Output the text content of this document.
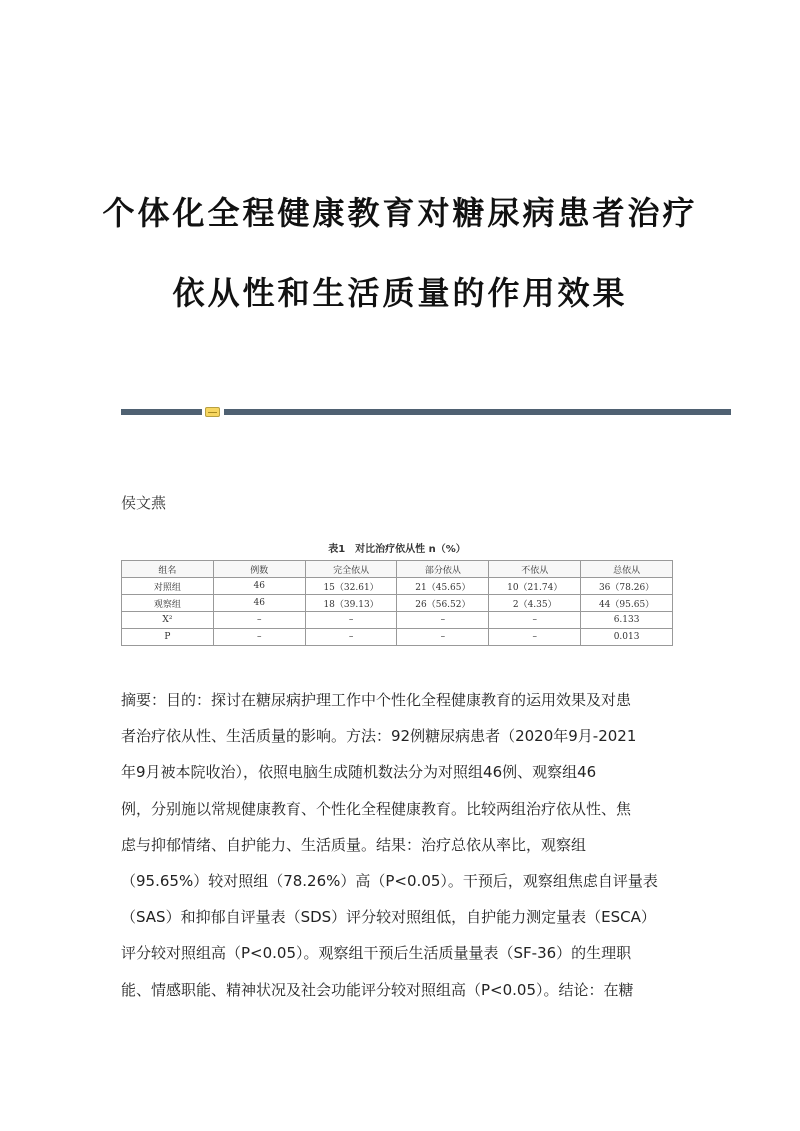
个体化全程健康教育对糖尿病患者治疗
依从性和生活质量的作用效果
侯文燕
表1　对比治疗依从性 n（%）
组名	例数	完全依从	部分依从	不依从	总依从
对照组	46	15（32.61）	21（45.65）	10（21.74）	36（78.26）
观察组	46	18（39.13）	26（56.52）	2（4.35）	44（95.65）
X²	–	–	–	–	6.133
P	–	–	–	–	0.013
摘要：目的：探讨在糖尿病护理工作中个性化全程健康教育的运用效果及对患
者治疗依从性、生活质量的影响。方法：92例糖尿病患者（2020年9月-2021
年9月被本院收治），依照电脑生成随机数法分为对照组46例、观察组46
例，分别施以常规健康教育、个性化全程健康教育。比较两组治疗依从性、焦
虑与抑郁情绪、自护能力、生活质量。结果：治疗总依从率比，观察组
（95.65%）较对照组（78.26%）高（P<0.05）。干预后，观察组焦虑自评量表
（SAS）和抑郁自评量表（SDS）评分较对照组低，自护能力测定量表（ESCA）
评分较对照组高（P<0.05）。观察组干预后生活质量量表（SF-36）的生理职
能、情感职能、精神状况及社会功能评分较对照组高（P<0.05）。结论：在糖
